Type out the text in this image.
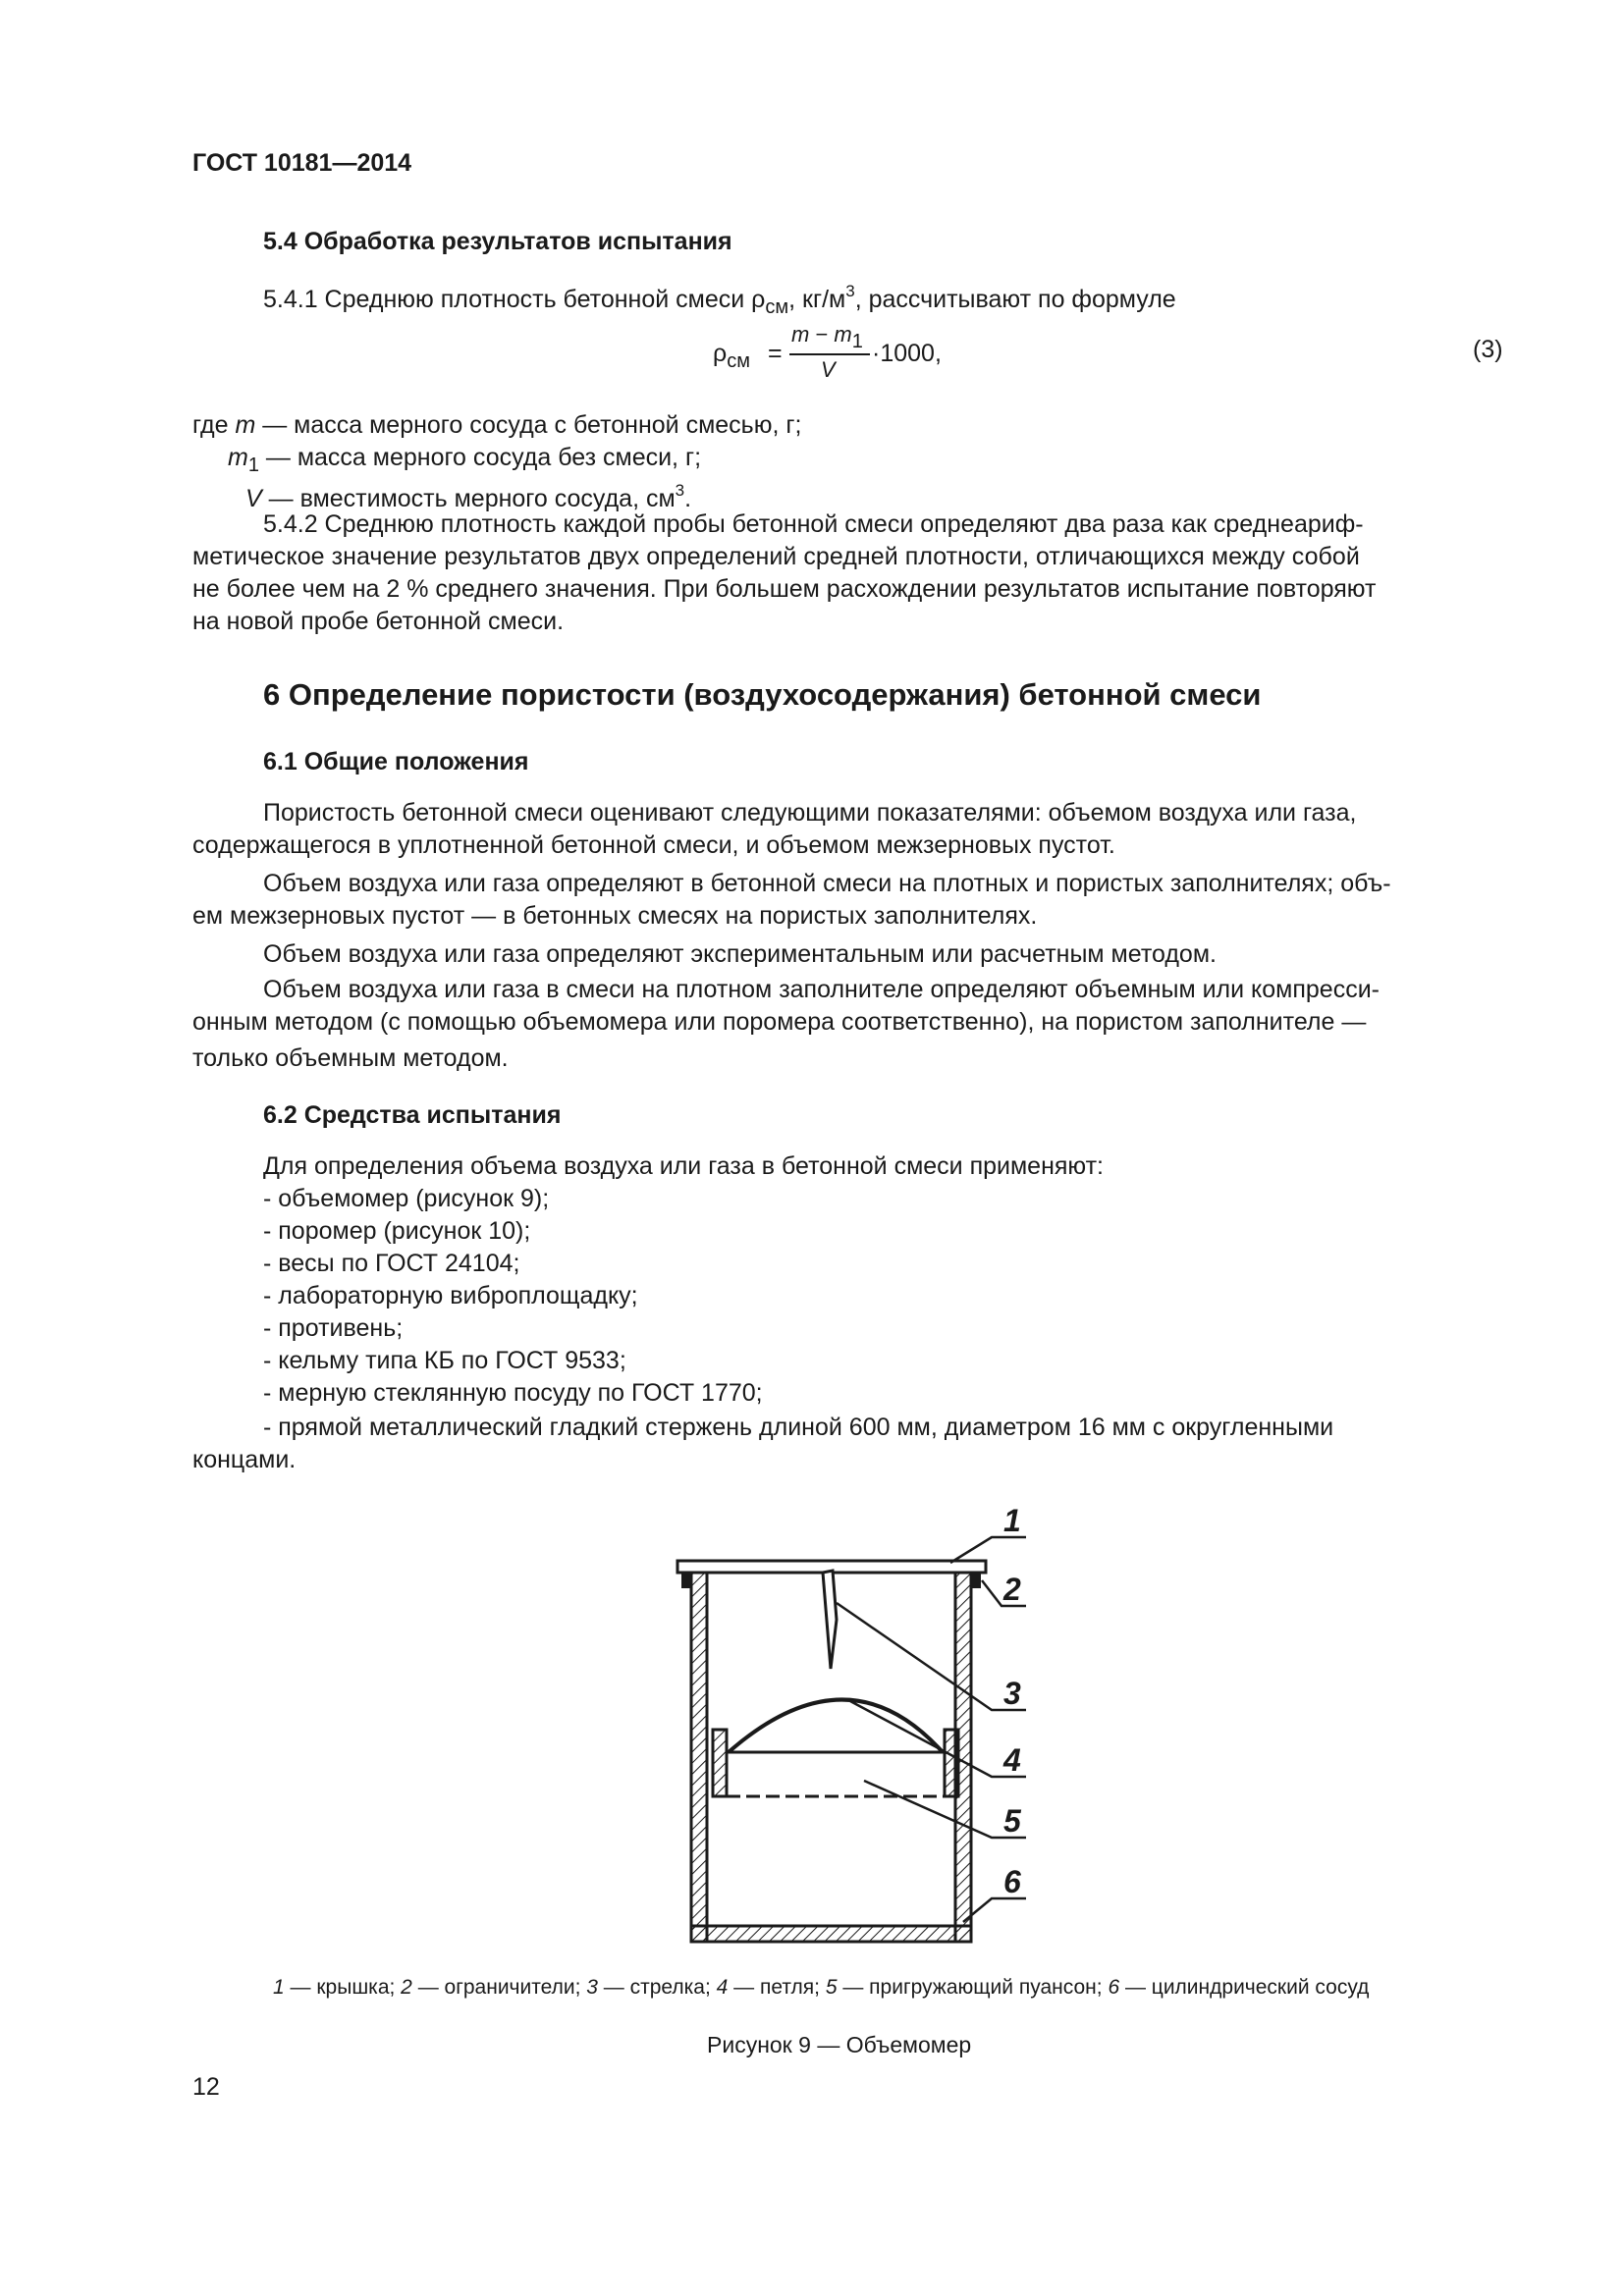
ГОСТ 10181—2014
5.4 Обработка результатов испытания
5.4.1 Среднюю плотность бетонной смеси $\rho_{см}$, $кг/м^3$, рассчитывают по формуле
$\rho_{см}$ =
m − m1
V
·1000,	(3)
где m — масса мерного сосуда с бетонной смесью, г;
$m_1$ — масса мерного сосуда без смеси, г;
V — вместимость мерного сосуда, $см^3$.
5.4.2 Среднюю плотность каждой пробы бетонной смеси определяют два раза как среднеариф-
метическое значение результатов двух определений средней плотности, отличающихся между собой
не более чем на 2 % среднего значения. При большем расхождении результатов испытание повторяют
на новой пробе бетонной смеси.
6 Определение пористости (воздухосодержания) бетонной смеси
6.1 Общие положения
Пористость бетонной смеси оценивают следующими показателями: объемом воздуха или газа,
содержащегося в уплотненной бетонной смеси, и объемом межзерновых пустот.
Объем воздуха или газа определяют в бетонной смеси на плотных и пористых заполнителях; объ-
ем межзерновых пустот — в бетонных смесях на пористых заполнителях.
Объем воздуха или газа определяют экспериментальным или расчетным методом.
Объем воздуха или газа в смеси на плотном заполнителе определяют объемным или компресси-
онным методом (с помощью объемомера или поромера соответственно), на пористом заполнителе —
только объемным методом.
6.2 Средства испытания
Для определения объема воздуха или газа в бетонной смеси применяют:
- объемомер (рисунок 9);
- поромер (рисунок 10);
- весы по ГОСТ 24104;
- лабораторную виброплощадку;
- противень;
- кельму типа КБ по ГОСТ 9533;
- мерную стеклянную посуду по ГОСТ 1770;
- прямой металлический гладкий стержень длиной 600 мм, диаметром 16 мм с округленными
концами.
1
2
3
4
5
6
1 — крышка; 2 — ограничители; 3 — стрелка; 4 — петля; 5 — пригружающий пуансон; 6 — цилиндрический сосуд
Рисунок 9 — Объемомер
12
